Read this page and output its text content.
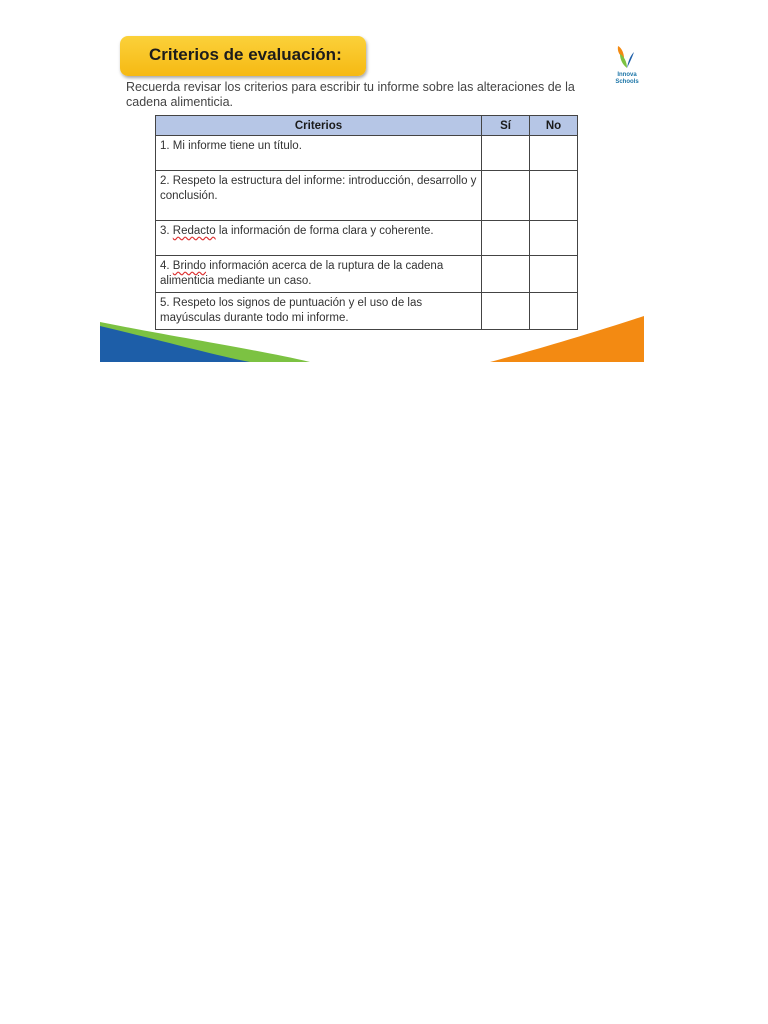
Criterios de evaluación:
Innova
Schools
Recuerda revisar los criterios para escribir tu informe sobre las alteraciones de la cadena alimenticia.
Criterios	Sí	No
1. Mi informe tiene un título.		
2. Respeto la estructura del informe: introducción, desarrollo y conclusión.		
3. Redacto la información de forma clara y coherente.		
4. Brindo información acerca de la ruptura de la cadena alimenticia mediante un caso.		
5. Respeto los signos de puntuación y el uso de las mayúsculas durante todo mi informe.		
